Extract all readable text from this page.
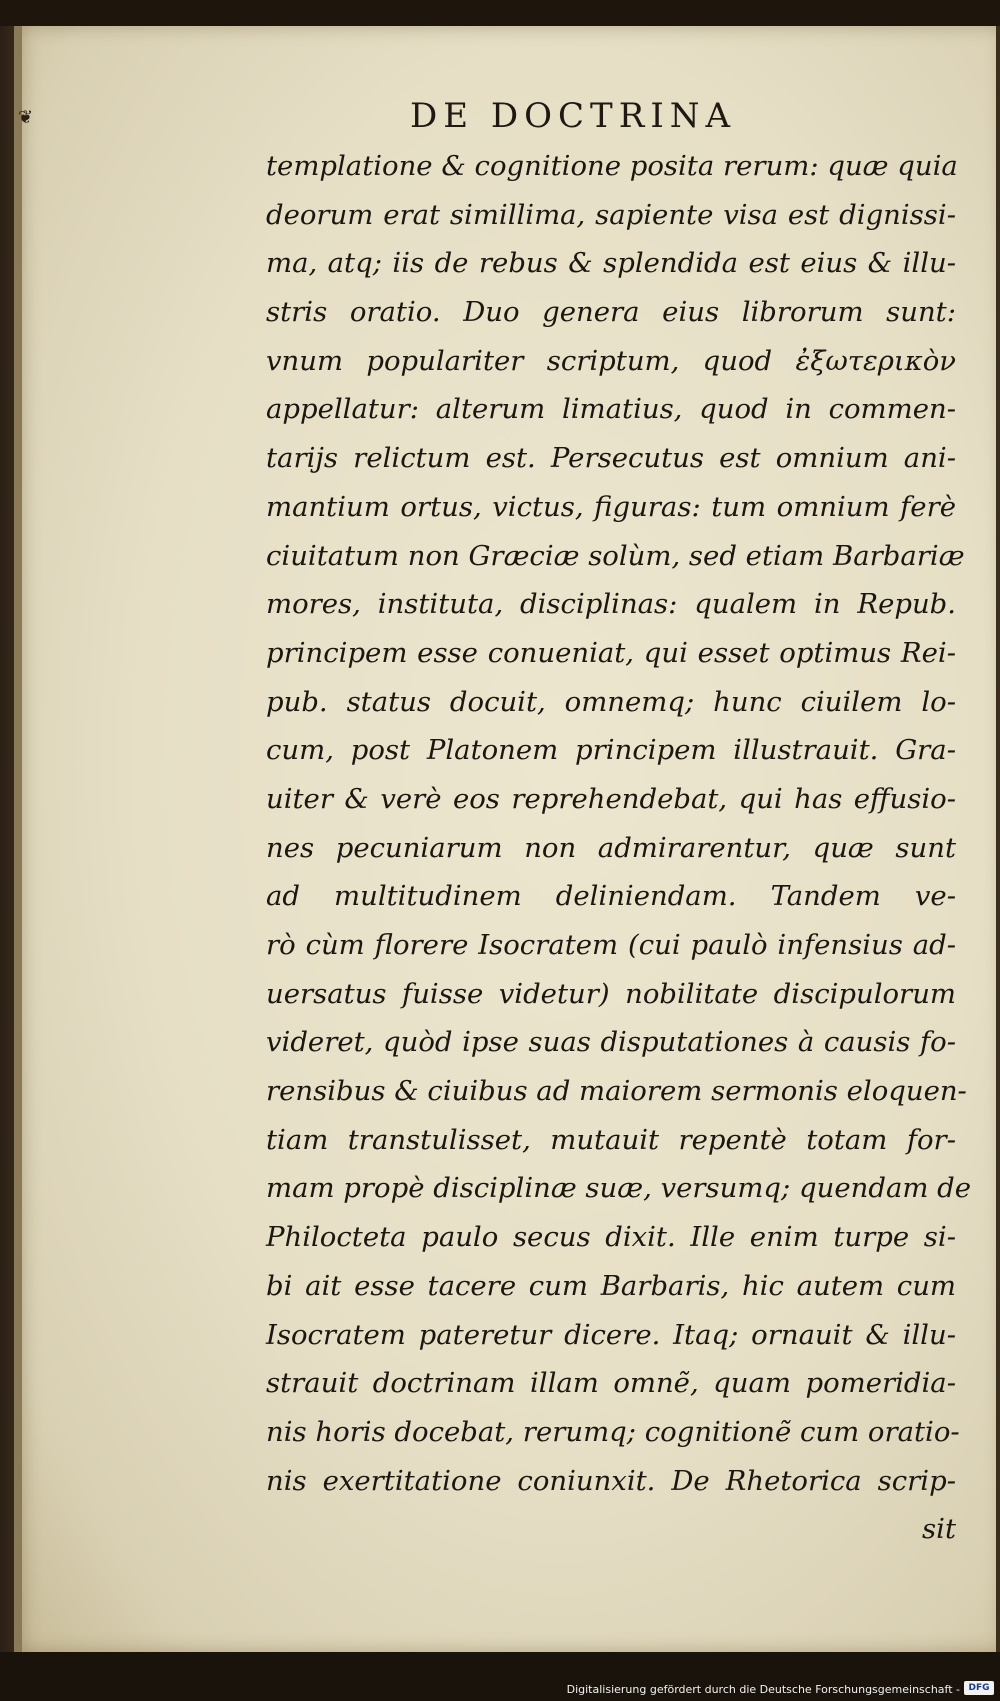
❦	DE DOCTRINA
templatione & cognitione posita rerum: quæ quia
deorum erat simillima, sapiente visa est dignissi-
ma, atq; iis de rebus & splendida est eius & illu-
stris oratio. Duo genera eius librorum sunt:
vnum populariter scriptum, quod ἐξωτερικὸν
appellatur: alterum limatius, quod in commen-
tarijs relictum est. Persecutus est omnium ani-
mantium ortus, victus, figuras: tum omnium ferè
ciuitatum non Græciæ solùm, sed etiam Barbariæ
mores, instituta, disciplinas: qualem in Repub.
principem esse conueniat, qui esset optimus Rei-
pub. status docuit, omnemq; hunc ciuilem lo-
cum, post Platonem principem illustrauit. Gra-
uiter & verè eos reprehendebat, qui has effusio-
nes pecuniarum non admirarentur, quæ sunt
ad multitudinem deliniendam. Tandem ve-
rò cùm florere Isocratem (cui paulò infensius ad-
uersatus fuisse videtur) nobilitate discipulorum
videret, quòd ipse suas disputationes à causis fo-
rensibus & ciuibus ad maiorem sermonis eloquen-
tiam transtulisset, mutauit repentè totam for-
mam propè disciplinæ suæ, versumq; quendam de
Philocteta paulo secus dixit. Ille enim turpe si-
bi ait esse tacere cum Barbaris, hic autem cum
Isocratem pateretur dicere. Itaq; ornauit & illu-
strauit doctrinam illam omnẽ, quam pomeridia-
nis horis docebat, rerumq; cognitionẽ cum oratio-
nis exertitatione coniunxit. De Rhetorica scrip-
sit
Digitalisierung gefördert durch die Deutsche Forschungsgemeinschaft - DFG
